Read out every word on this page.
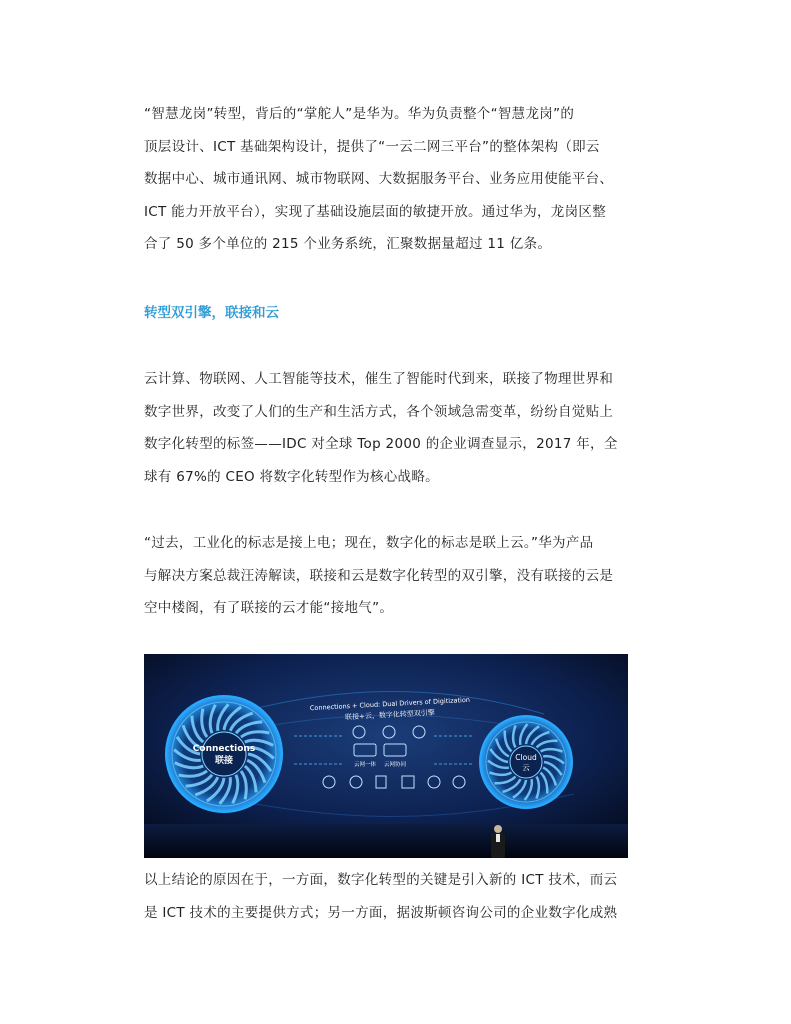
“智慧龙岗”转型，背后的“掌舵人”是华为。华为负责整个“智慧龙岗”的
顶层设计、ICT 基础架构设计，提供了“一云二网三平台”的整体架构（即云
数据中心、城市通讯网、城市物联网、大数据服务平台、业务应用使能平台、
ICT 能力开放平台），实现了基础设施层面的敏捷开放。通过华为，龙岗区整
合了 50 多个单位的 215 个业务系统，汇聚数据量超过 11 亿条。

转型双引擎，联接和云

云计算、物联网、人工智能等技术，催生了智能时代到来，联接了物理世界和
数字世界，改变了人们的生产和生活方式，各个领域急需变革，纷纷自觉贴上
数字化转型的标签——IDC 对全球 Top 2000 的企业调查显示，2017 年，全
球有 67%的 CEO 将数字化转型作为核心战略。

“过去，工业化的标志是接上电；现在，数字化的标志是联上云。”华为产品
与解决方案总裁汪涛解读，联接和云是数字化转型的双引擎，没有联接的云是
空中楼阁，有了联接的云才能“接地气”。

Connections
联接	Cloud
云
Connections + Cloud: Dual Drivers of Digitization
联接+云，数字化转型双引擎
云网一体 云网协同

以上结论的原因在于，一方面，数字化转型的关键是引入新的 ICT 技术，而云
是 ICT 技术的主要提供方式；另一方面，据波斯顿咨询公司的企业数字化成熟
